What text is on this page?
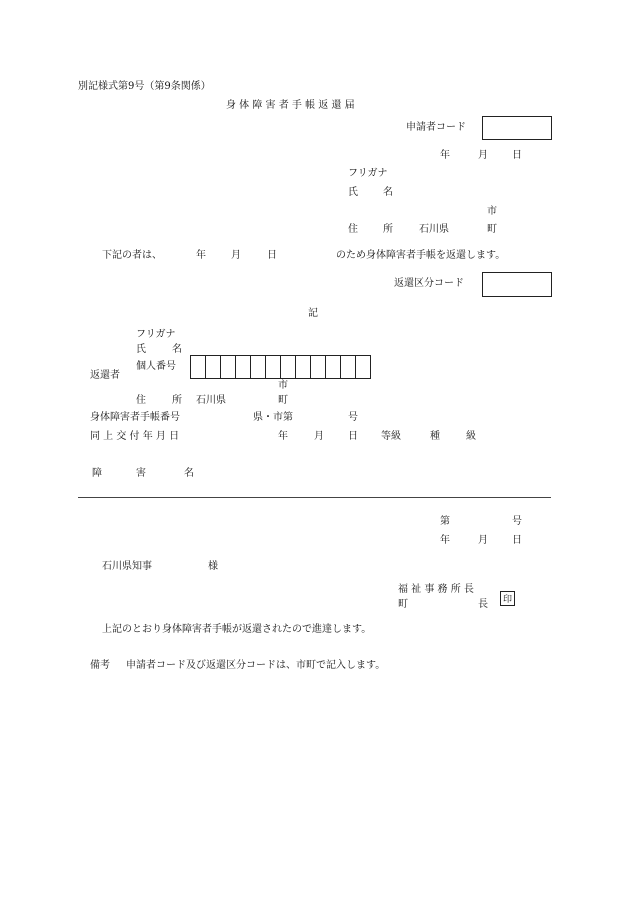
別記様式第9号（第9条関係）
身 体 障 害 者 手 帳 返 還 届
申請者コード
年	月 日
フリガナ
氏	名
市
住	所	石川県	町
下記の者は、	年	月	日	のため身体障害者手帳を返還します。
返還区分コード
記
フリガナ
氏	名
個人番号
返還者
市
住	所 石川県	町
身体障害者手帳番号	県・市第	号
同 上 交 付 年 月 日	年	月 日 等級	種	級
障	害	名
第	号
年	月 日
石川県知事	様
福 祉 事 務 所 長
町	長	印
上記のとおり身体障害者手帳が返還されたので進達します。
備考 申請者コード及び返還区分コードは、市町で記入します。
